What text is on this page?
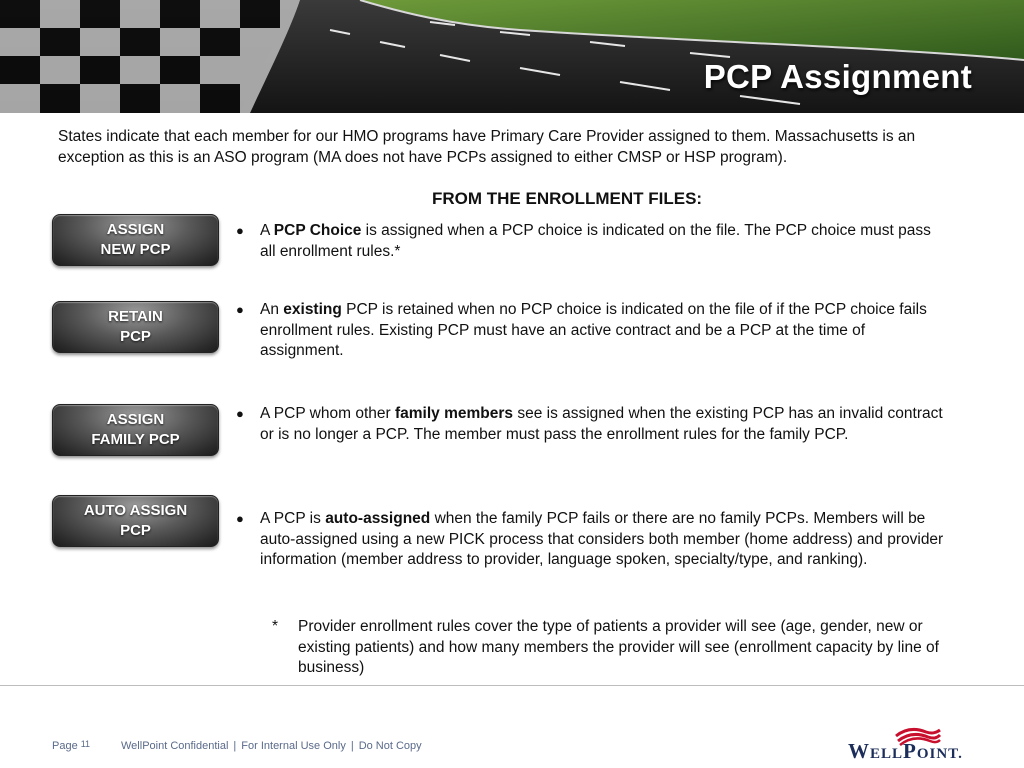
PCP Assignment

States indicate that each member for our HMO programs have Primary Care Provider assigned to them. Massachusetts is an exception as this is an ASO program (MA does not have PCPs assigned to either CMSP or HSP program).

FROM THE ENROLLMENT FILES:

ASSIGN
NEW PCP
RETAIN
PCP
ASSIGN
FAMILY PCP
AUTO ASSIGN
PCP
●	A PCP Choice is assigned when a PCP choice is indicated on the file. The PCP choice must pass all enrollment rules.*
●	An existing PCP is retained when no PCP choice is indicated on the file of if the PCP choice fails enrollment rules. Existing PCP must have an active contract and be a PCP at the time of assignment.
●	A PCP whom other family members see is assigned when the existing PCP has an invalid contract or is no longer a PCP. The member must pass the enrollment rules for the family PCP.
●	A PCP is auto-assigned when the family PCP fails or there are no family PCPs. Members will be auto-assigned using a new PICK process that considers both member (home address) and provider information (member address to provider, language spoken, specialty/type, and ranking).
* Provider enrollment rules cover the type of patients a provider will see (age, gender, new or existing patients) and how many members the provider will see (enrollment capacity by line of business)
Page 11	WellPoint Confidential | For Internal Use Only | Do Not Copy	WELLPOINT.
